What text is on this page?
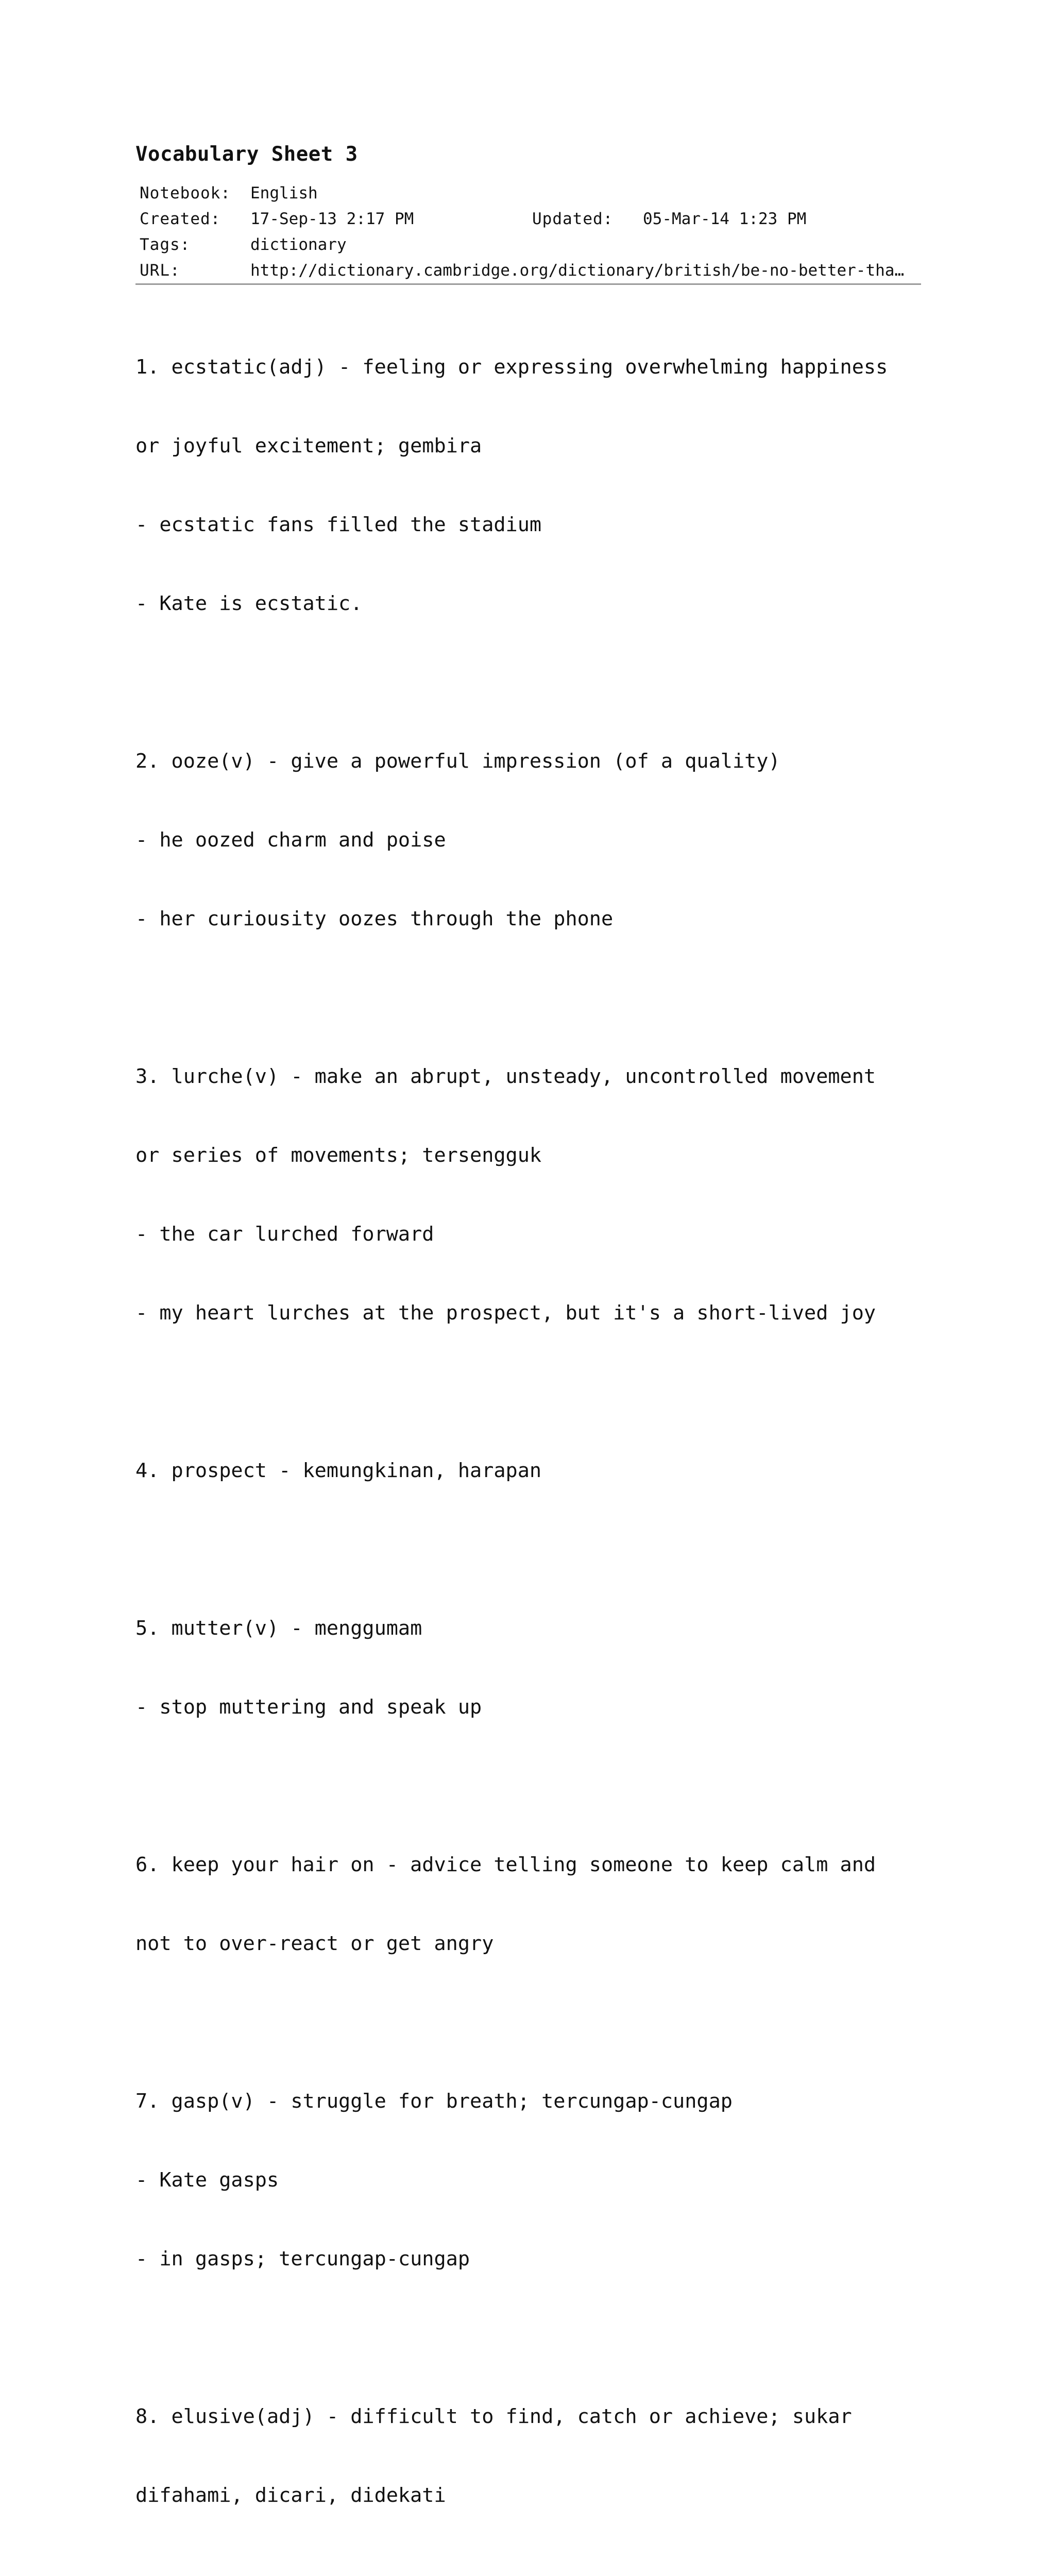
Vocabulary Sheet 3
Notebook: English
Created: 17-Sep-13 2:17 PM	Updated: 05-Mar-14 1:23 PM
Tags:	dictionary
URL:	http://dictionary.cambridge.org/dictionary/british/be-no-better-tha…

1. ecstatic(adj) - feeling or expressing overwhelming happiness

or joyful excitement; gembira

- ecstatic fans filled the stadium

- Kate is ecstatic.

2. ooze(v) - give a powerful impression (of a quality)

- he oozed charm and poise

- her curiousity oozes through the phone

3. lurche(v) - make an abrupt, unsteady, uncontrolled movement

or series of movements; tersengguk

- the car lurched forward

- my heart lurches at the prospect, but it's a short-lived joy

4. prospect - kemungkinan, harapan

5. mutter(v) - menggumam

- stop muttering and speak up

6. keep your hair on - advice telling someone to keep calm and

not to over-react or get angry

7. gasp(v) - struggle for breath; tercungap-cungap

- Kate gasps

- in gasps; tercungap-cungap

8. elusive(adj) - difficult to find, catch or achieve; sukar

difahami, dicari, didekati
